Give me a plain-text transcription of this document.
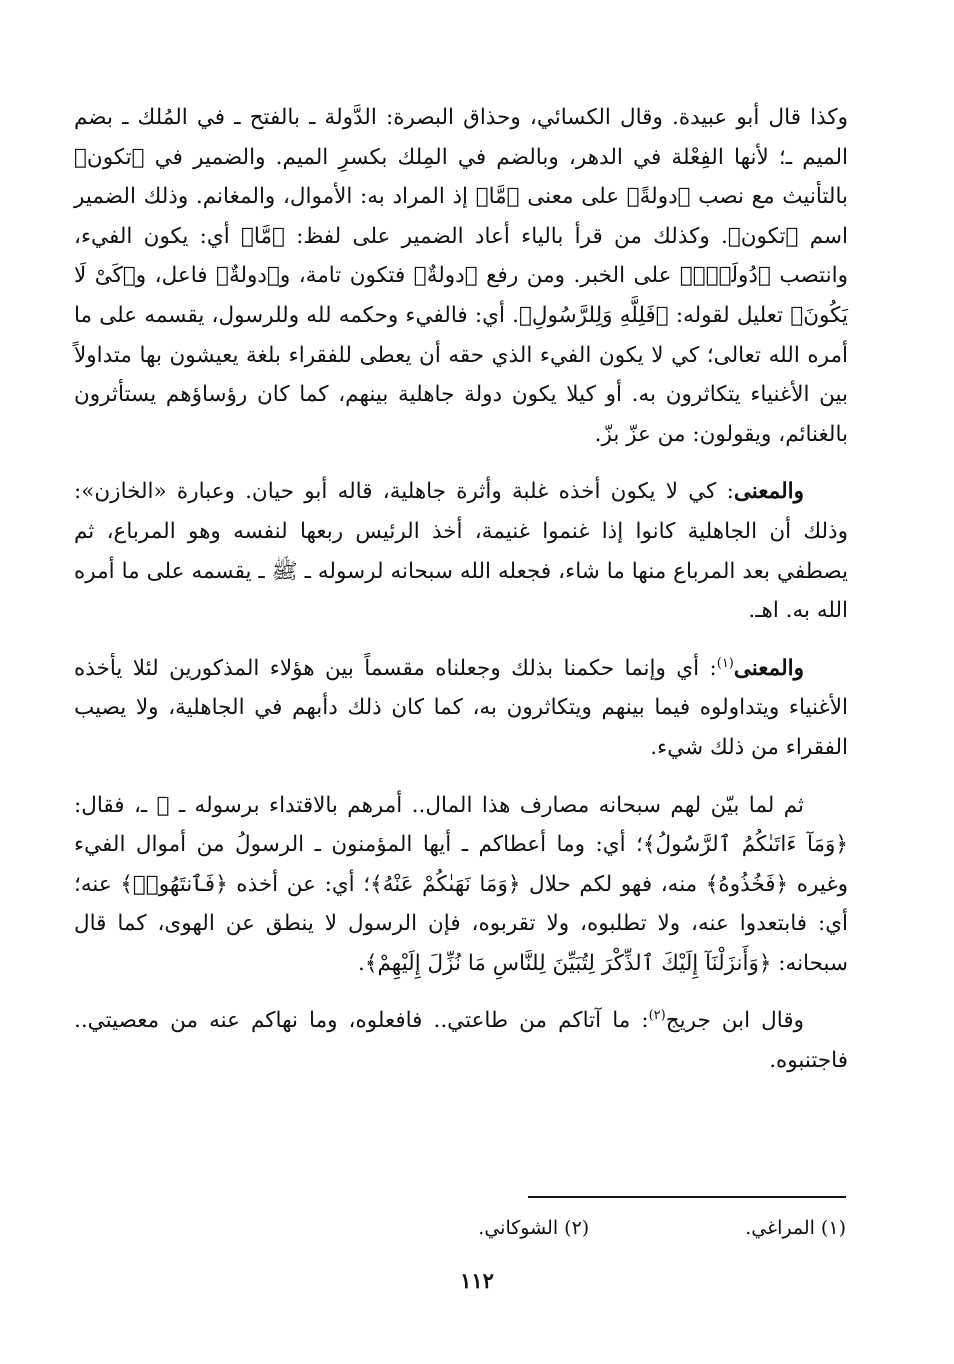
وكذا قال أبو عبيدة. وقال الكسائي، وحذاق البصرة: الدَّولة ـ بالفتح ـ في المُلك ـ بضم الميم ـ؛ لأنها الفِعْلة في الدهر، وبالضم في المِلك بكسرِ الميم. والضمير في ﴿تكون﴾ بالتأنيث مع نصب ﴿دولةً﴾ على معنى ﴿مَّا﴾ إذ المراد به: الأموال، والمغانم. وذلك الضمير اسم ﴿تكون﴾. وكذلك من قرأ بالياء أعاد الضمير على لفظ: ﴿مَّا﴾ أي: يكون الفيء، وانتصب ﴿دُولَةَۢ﴾ على الخبر. ومن رفع ﴿دولةٌ﴾ فتكون تامة، و﴿دولةٌ﴾ فاعل، و﴿كَىْ لَا يَكُونَ﴾ تعليل لقوله: ﴿فَلِلَّهِ وَلِلرَّسُولِ﴾. أي: فالفيء وحكمه لله وللرسول، يقسمه على ما أمره الله تعالى؛ كي لا يكون الفيء الذي حقه أن يعطى للفقراء بلغة يعيشون بها متداولاً بين الأغنياء يتكاثرون به. أو كيلا يكون دولة جاهلية بينهم، كما كان رؤساؤهم يستأثرون بالغنائم، ويقولون: من عزّ بزّ.

والمعنى: كي لا يكون أخذه غلبة وأثرة جاهلية، قاله أبو حيان. وعبارة «الخازن»: وذلك أن الجاهلية كانوا إذا غنموا غنيمة، أخذ الرئيس ربعها لنفسه وهو المرباع، ثم يصطفي بعد المرباع منها ما شاء، فجعله الله سبحانه لرسوله ـ ﷺ ـ يقسمه على ما أمره الله به. اهـ.

والمعنى$^{(١)}$: أي وإنما حكمنا بذلك وجعلناه مقسماً بين هؤلاء المذكورين لئلا يأخذه الأغنياء ويتداولوه فيما بينهم ويتكاثرون به، كما كان ذلك دأبهم في الجاهلية، ولا يصيب الفقراء من ذلك شيء.

ثم لما بيّن لهم سبحانه مصارف هذا المال.. أمرهم بالاقتداء برسوله ـ ﷺ ـ، فقال: ﴿وَمَآ ءَاتَىٰكُمُ ٱلرَّسُولُ﴾؛ أي: وما أعطاكم ـ أيها المؤمنون ـ الرسولُ من أموال الفيء وغيره ﴿فَخُذُوهُ﴾ منه، فهو لكم حلال ﴿وَمَا نَهَىٰكُمْ عَنْهُ﴾؛ أي: عن أخذه ﴿فَٱنتَهُوا۟﴾ عنه؛ أي: فابتعدوا عنه، ولا تطلبوه، ولا تقربوه، فإن الرسول لا ينطق عن الهوى، كما قال سبحانه: ﴿وَأَنزَلْنَآ إِلَيْكَ ٱلذِّكْرَ لِتُبَيِّنَ لِلنَّاسِ مَا نُزِّلَ إِلَيْهِمْ﴾.

وقال ابن جريج$^{(٢)}$: ما آتاكم من طاعتي.. فافعلوه، وما نهاكم عنه من معصيتي.. فاجتنبوه.

(١) المراغي. (٢) الشوكاني.
١١٢
